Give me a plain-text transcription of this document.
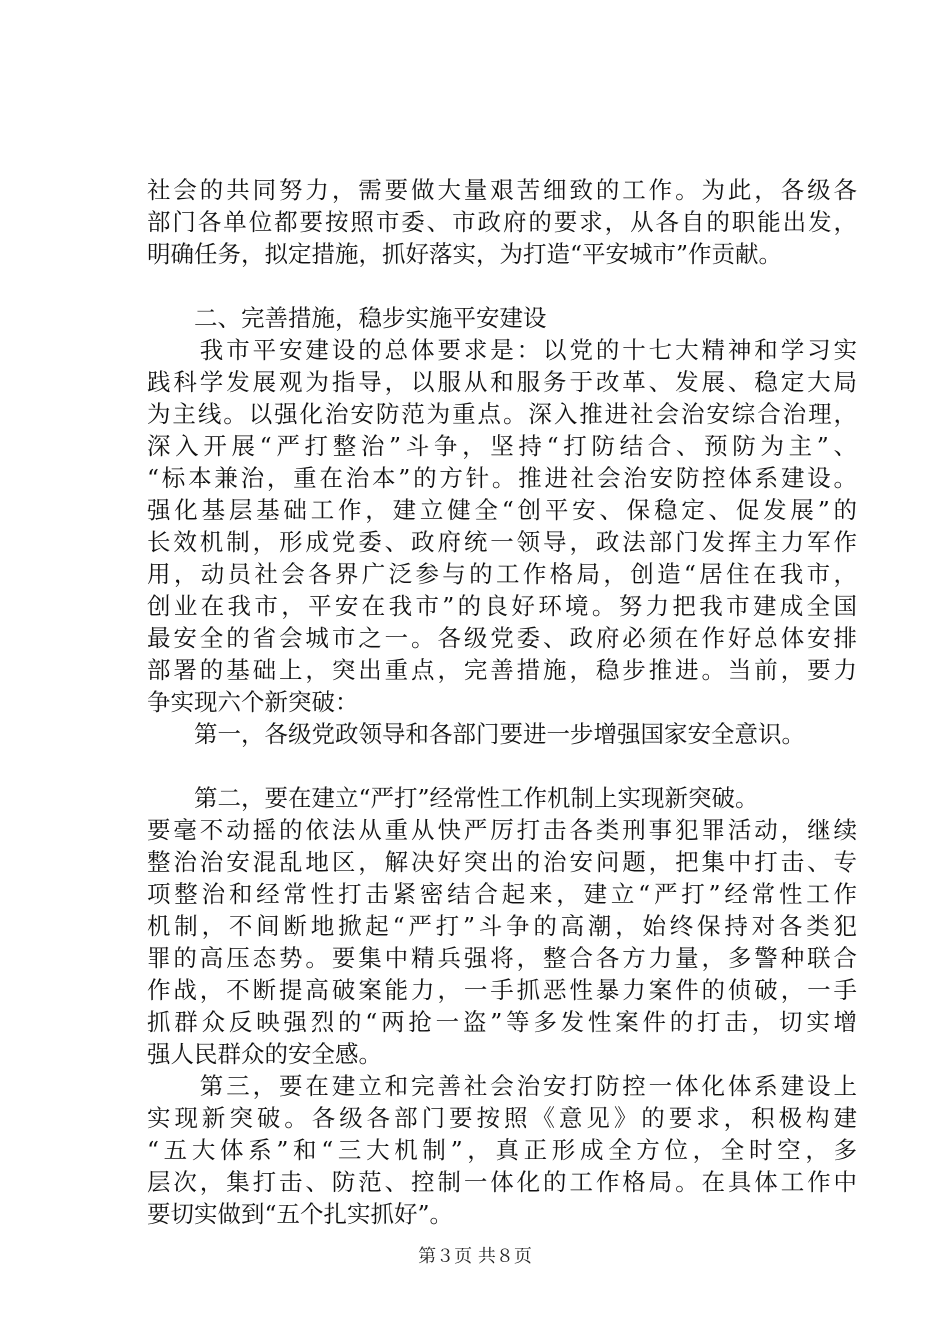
社会的共同努力，需要做大量艰苦细致的工作。为此，各级各
部门各单位都要按照市委、市政府的要求，从各自的职能出发，
明确任务，拟定措施，抓好落实，为打造“平安城市”作贡献。
　　二、完善措施，稳步实施平安建设
　　我市平安建设的总体要求是：以党的十七大精神和学习实
践科学发展观为指导，以服从和服务于改革、发展、稳定大局
为主线。以强化治安防范为重点。深入推进社会治安综合治理，
深入开展“严打整治”斗争，坚持“打防结合、预防为主”、
“标本兼治，重在治本”的方针。推进社会治安防控体系建设。
强化基层基础工作，建立健全“创平安、保稳定、促发展”的
长效机制，形成党委、政府统一领导，政法部门发挥主力军作
用，动员社会各界广泛参与的工作格局，创造“居住在我市，
创业在我市，平安在我市”的良好环境。努力把我市建成全国
最安全的省会城市之一。各级党委、政府必须在作好总体安排
部署的基础上，突出重点，完善措施，稳步推进。当前，要力
争实现六个新突破：
　　第一，各级党政领导和各部门要进一步增强国家安全意识。
　　第二，要在建立“严打”经常性工作机制上实现新突破。
要毫不动摇的依法从重从快严厉打击各类刑事犯罪活动，继续
整治治安混乱地区，解决好突出的治安问题，把集中打击、专
项整治和经常性打击紧密结合起来，建立“严打”经常性工作
机制，不间断地掀起“严打”斗争的高潮，始终保持对各类犯
罪的高压态势。要集中精兵强将，整合各方力量，多警种联合
作战，不断提高破案能力，一手抓恶性暴力案件的侦破，一手
抓群众反映强烈的“两抢一盗”等多发性案件的打击，切实增
强人民群众的安全感。
　　第三，要在建立和完善社会治安打防控一体化体系建设上
实现新突破。各级各部门要按照《意见》的要求，积极构建
“五大体系”和“三大机制”，真正形成全方位，全时空，多
层次，集打击、防范、控制一体化的工作格局。在具体工作中
要切实做到“五个扎实抓好”。
第３页 共８页
